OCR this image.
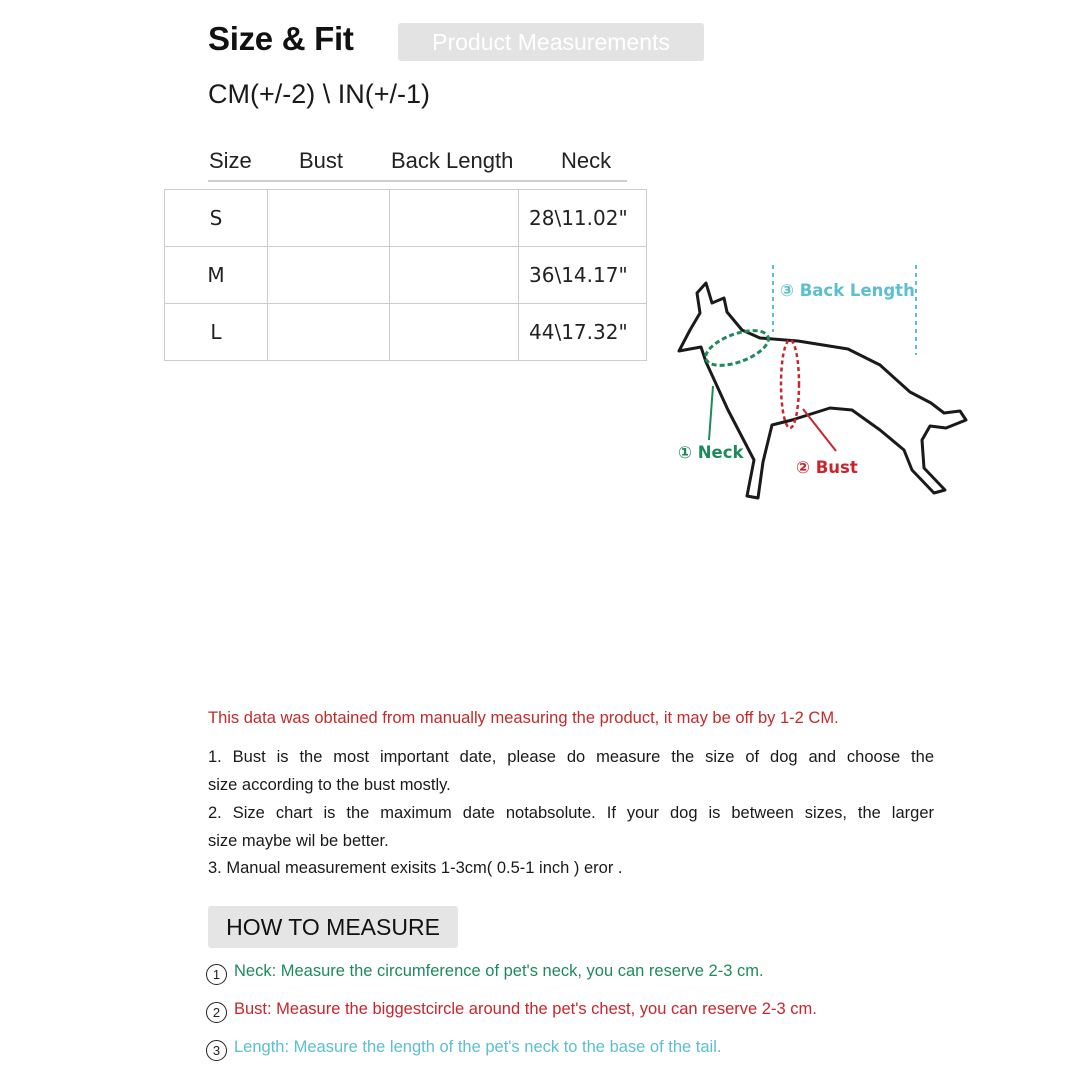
Size & Fit	Product Measurements
CM(+/-2) \ IN(+/-1)
Size Bust Back Length Neck
S			28\11.02"
M			36\14.17"
L			44\17.32"
③ Back Length
① Neck
② Bust
This data was obtained from manually measuring the product, it may be off by 1-2 CM.
1. Bust is the most important date, please do measure the size of dog and choose the
size according to the bust mostly.
2. Size chart is the maximum date notabsolute. If your dog is between sizes, the larger
size maybe wil be better.
3. Manual measurement exisits 1-3cm( 0.5-1 inch ) eror .
HOW TO MEASURE
1 Neck: Measure the circumference of pet's neck, you can reserve 2-3 cm.
2 Bust: Measure the biggestcircle around the pet's chest, you can reserve 2-3 cm.
3 Length: Measure the length of the pet's neck to the base of the tail.
